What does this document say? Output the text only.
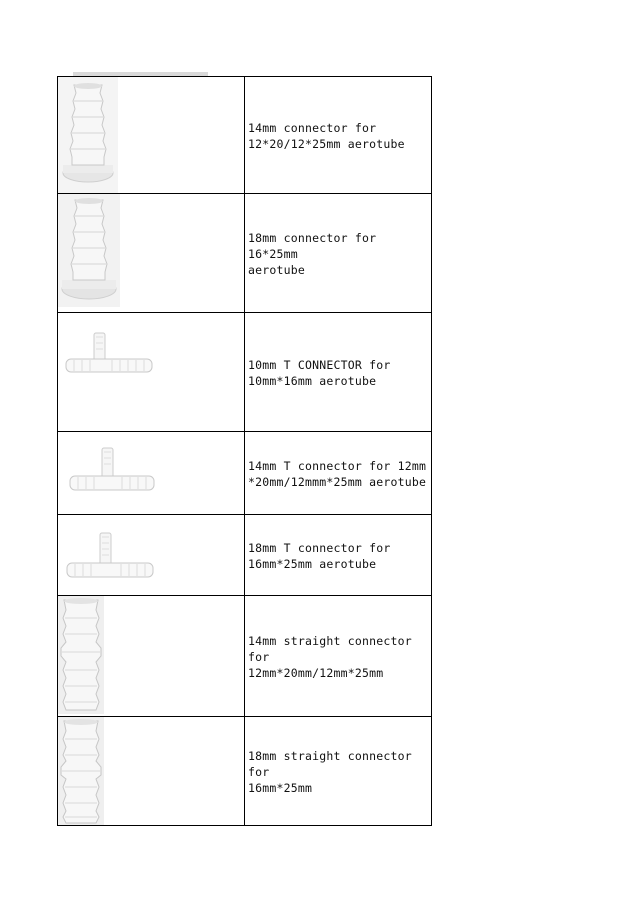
14mm connector for
12*20/12*25mm aerotube

18mm connector for 16*25mm
aerotube

10mm T CONNECTOR for
10mm*16mm aerotube

14mm T connector for 12mm
*20mm/12mmm*25mm aerotube

18mm T connector for
16mm*25mm aerotube

14mm straight connector for
12mm*20mm/12mm*25mm

18mm straight connector for
16mm*25mm
